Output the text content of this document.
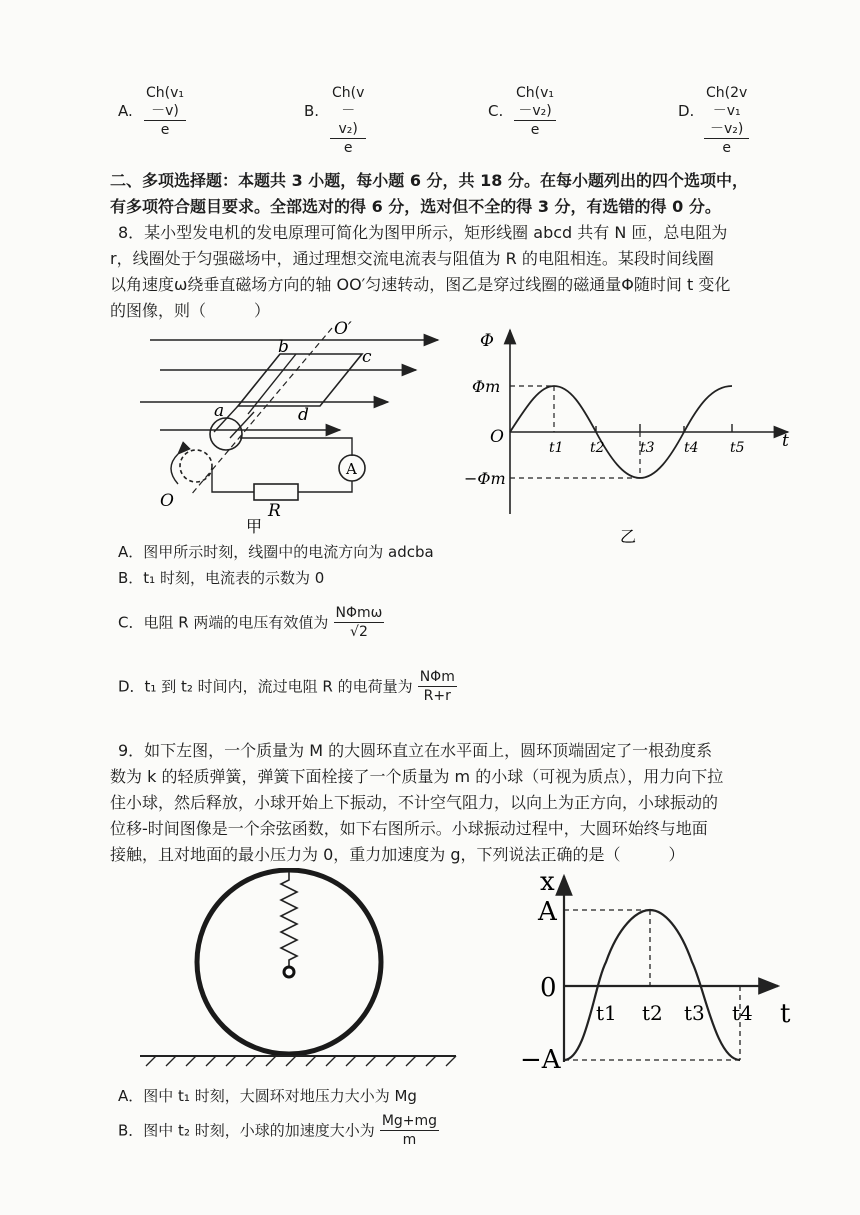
A. $\frac{\text{Ch(v₁－v)}}{e}$	B. $\frac{\text{Ch(v－v₂)}}{e}$	C. $\frac{\text{Ch(v₁－v₂)}}{e}$	D. $\frac{\text{Ch(2v－v₁－v₂)}}{e}$
二、多项选择题：本题共 3 小题，每小题 6 分，共 18 分。在每小题列出的四个选项中，
有多项符合题目要求。全部选对的得 6 分，选对但不全的得 3 分，有选错的得 0 分。
8．某小型发电机的发电原理可简化为图甲所示，矩形线圈 abcd 共有 N 匝，总电阻为
r，线圈处于匀强磁场中，通过理想交流电流表与阻值为 R 的电阻相连。某段时间线圈
以角速度ω绕垂直磁场方向的轴 OO′匀速转动，图乙是穿过线圈的磁通量Φ随时间 t 变化
的图像，则（　　　）
O′
b	c
a	d
O
A
R
甲
Φ
Φm
−Φm
O	t
t1 t2	t3 t4 t5
乙
A．图甲所示时刻，线圈中的电流方向为 adcba
B．t₁ 时刻，电流表的示数为 0
C．电阻 R 两端的电压有效值为 $\frac{\text{NΦmω}}{√2}$
D．t₁ 到 t₂ 时间内，流过电阻 R 的电荷量为 $\frac{\text{NΦm}}{R+r}$
9．如下左图，一个质量为 M 的大圆环直立在水平面上，圆环顶端固定了一根劲度系
数为 k 的轻质弹簧，弹簧下面栓接了一个质量为 m 的小球（可视为质点），用力向下拉
住小球，然后释放，小球开始上下振动，不计空气阻力，以向上为正方向，小球振动的
位移-时间图像是一个余弦函数，如下右图所示。小球振动过程中，大圆环始终与地面
接触，且对地面的最小压力为 0，重力加速度为 g，下列说法正确的是（　　　）
x
A
0
−A
t
t1 t2 t3 t4
A．图中 t₁ 时刻，大圆环对地压力大小为 Mg
B．图中 t₂ 时刻，小球的加速度大小为 $\frac{Mg+mg}{m}$
